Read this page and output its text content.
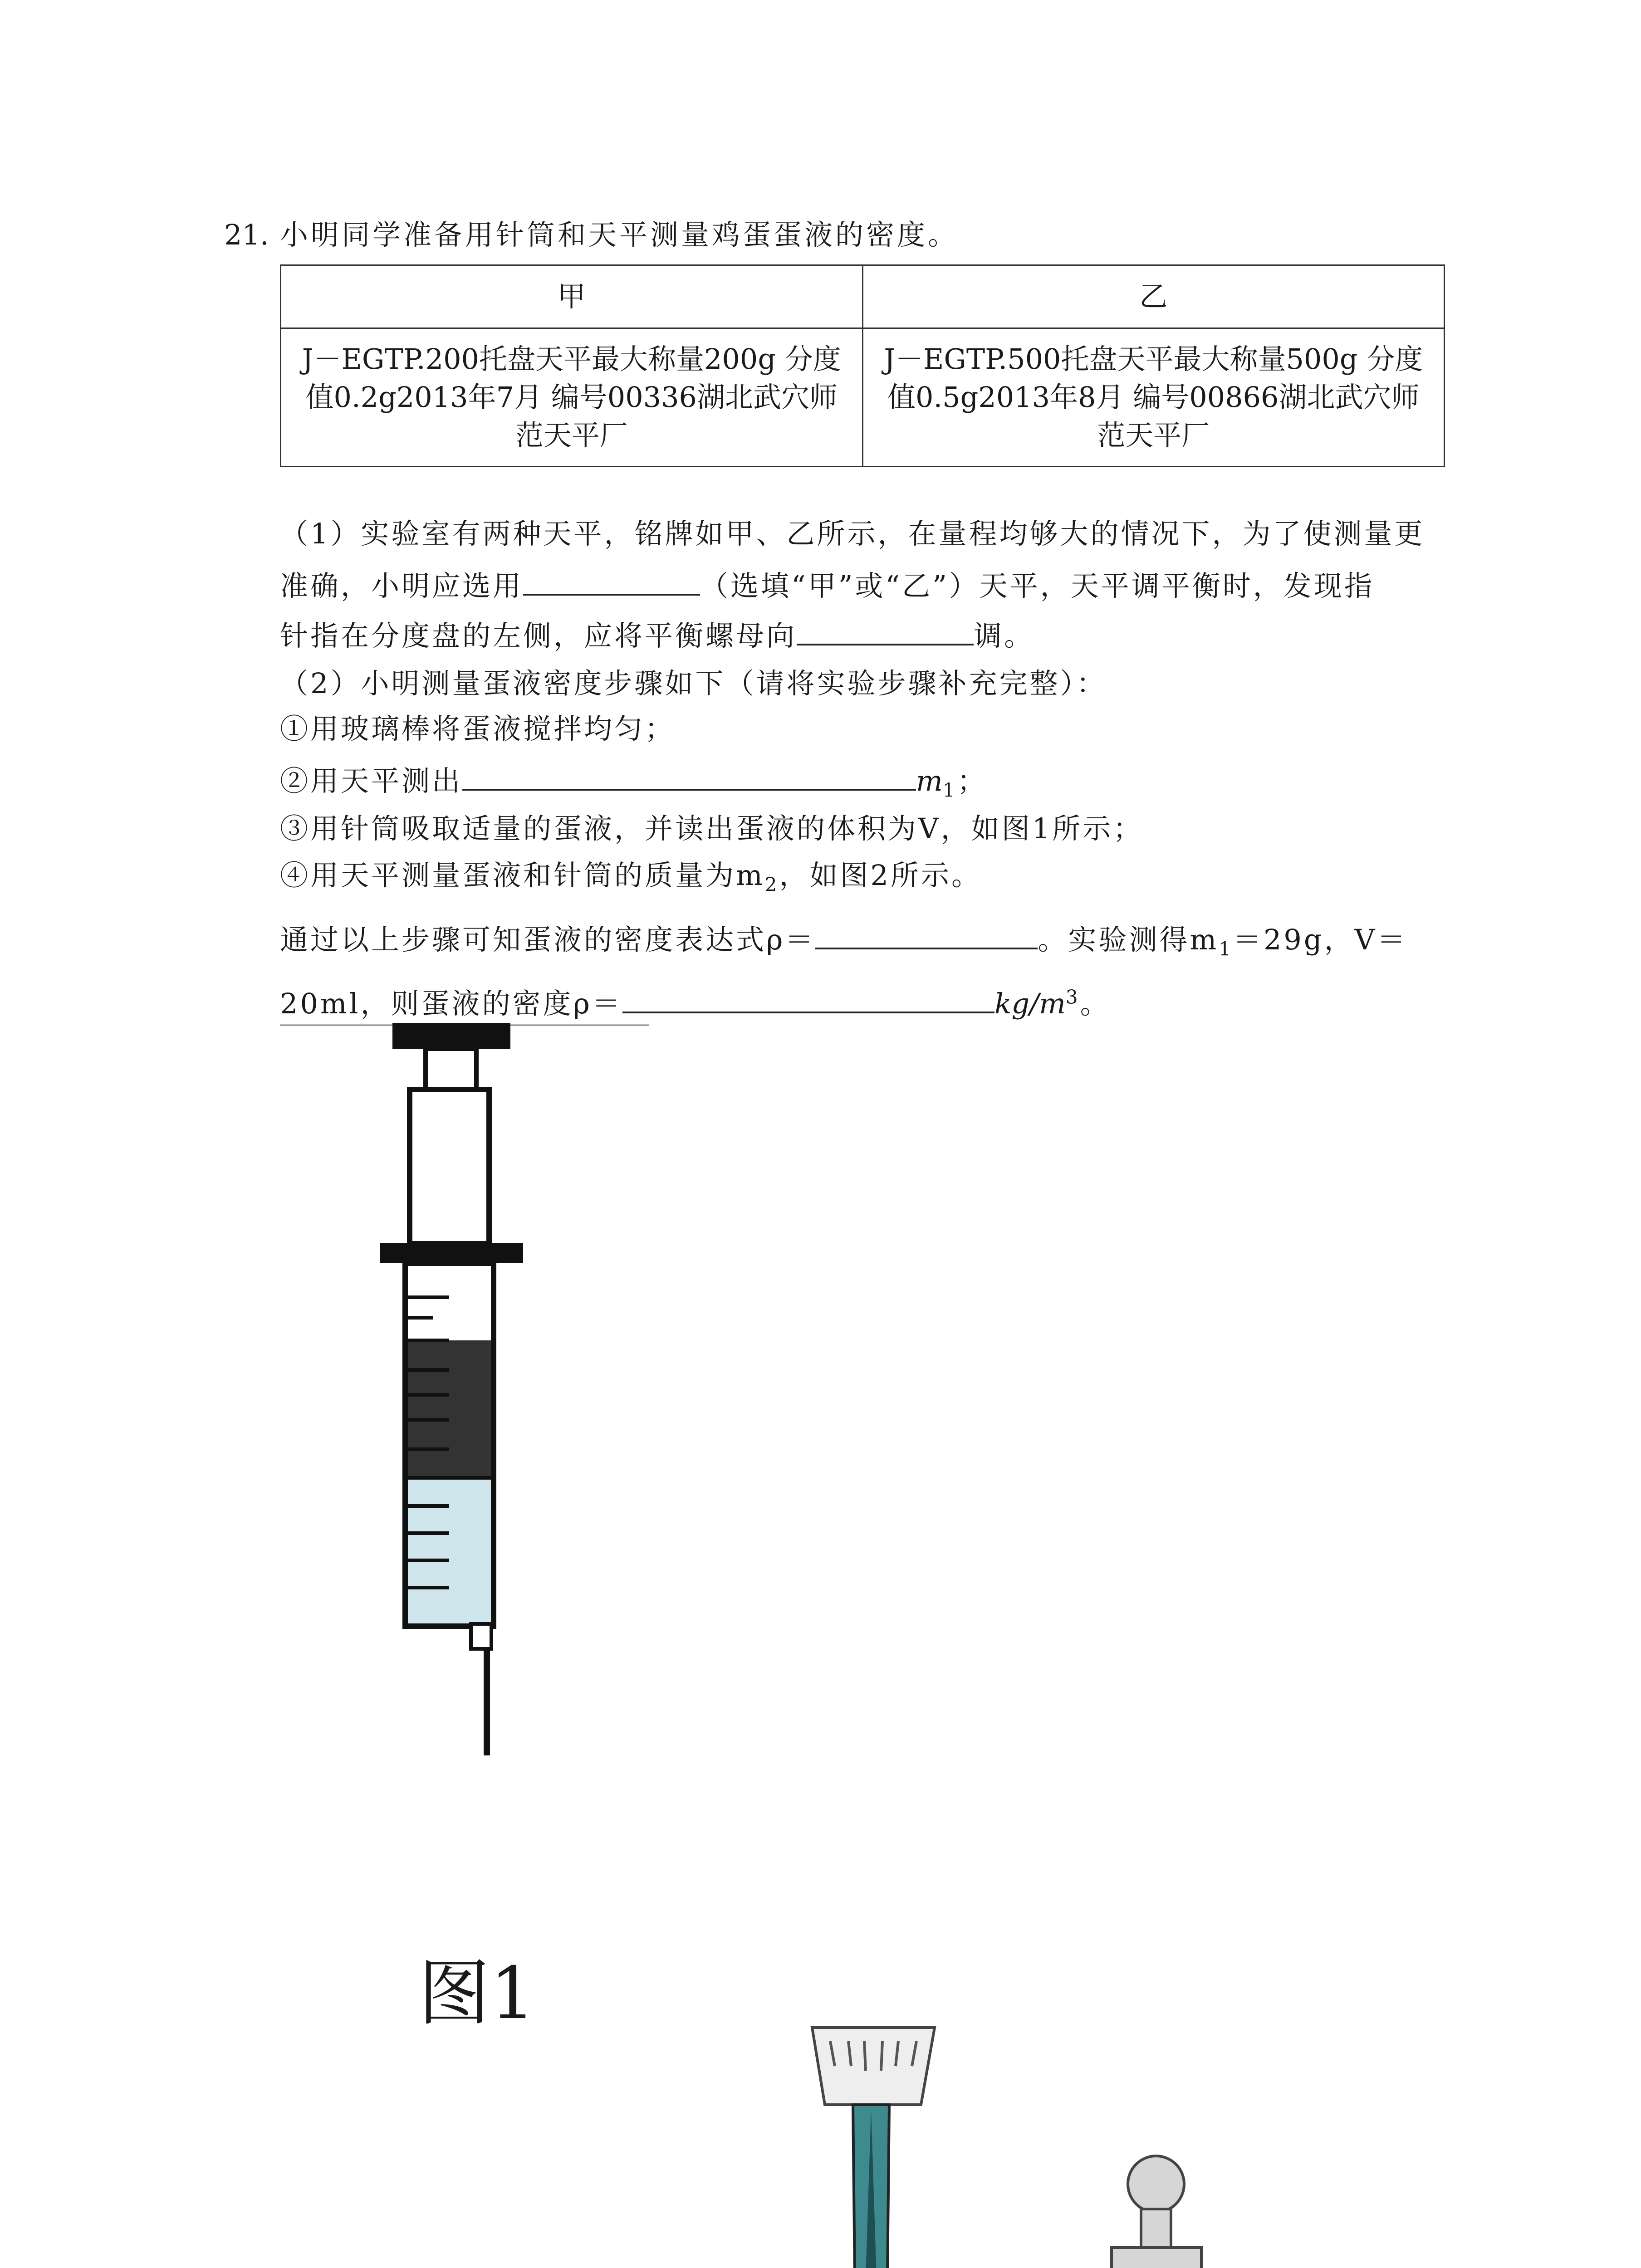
21. 小明同学准备用针筒和天平测量鸡蛋蛋液的密度。
甲	乙
J－EGTP.200托盘天平最大称量200g 分度值0.2g2013年7月 编号00336湖北武穴师范天平厂	J－EGTP.500托盘天平最大称量500g 分度值0.5g2013年8月 编号00866湖北武穴师范天平厂
（1）实验室有两种天平，铭牌如甲、乙所示，在量程均够大的情况下，为了使测量更
准确，小明应选用	（选填“甲”或“乙”）天平，天平调平衡时，发现指
针指在分度盘的左侧，应将平衡螺母向	调。
（2）小明测量蛋液密度步骤如下（请将实验步骤补充完整）：
①用玻璃棒将蛋液搅拌均匀；
②用天平测出	$m_1$；
③用针筒吸取适量的蛋液，并读出蛋液的体积为V，如图1所示；
④用天平测量蛋液和针筒的质量为$m_2$，如图2所示。
通过以上步骤可知蛋液的密度表达式ρ＝	。实验测得$m_1=29g$，V＝
20ml，则蛋液的密度ρ＝	$kg/m^3$。
图1
